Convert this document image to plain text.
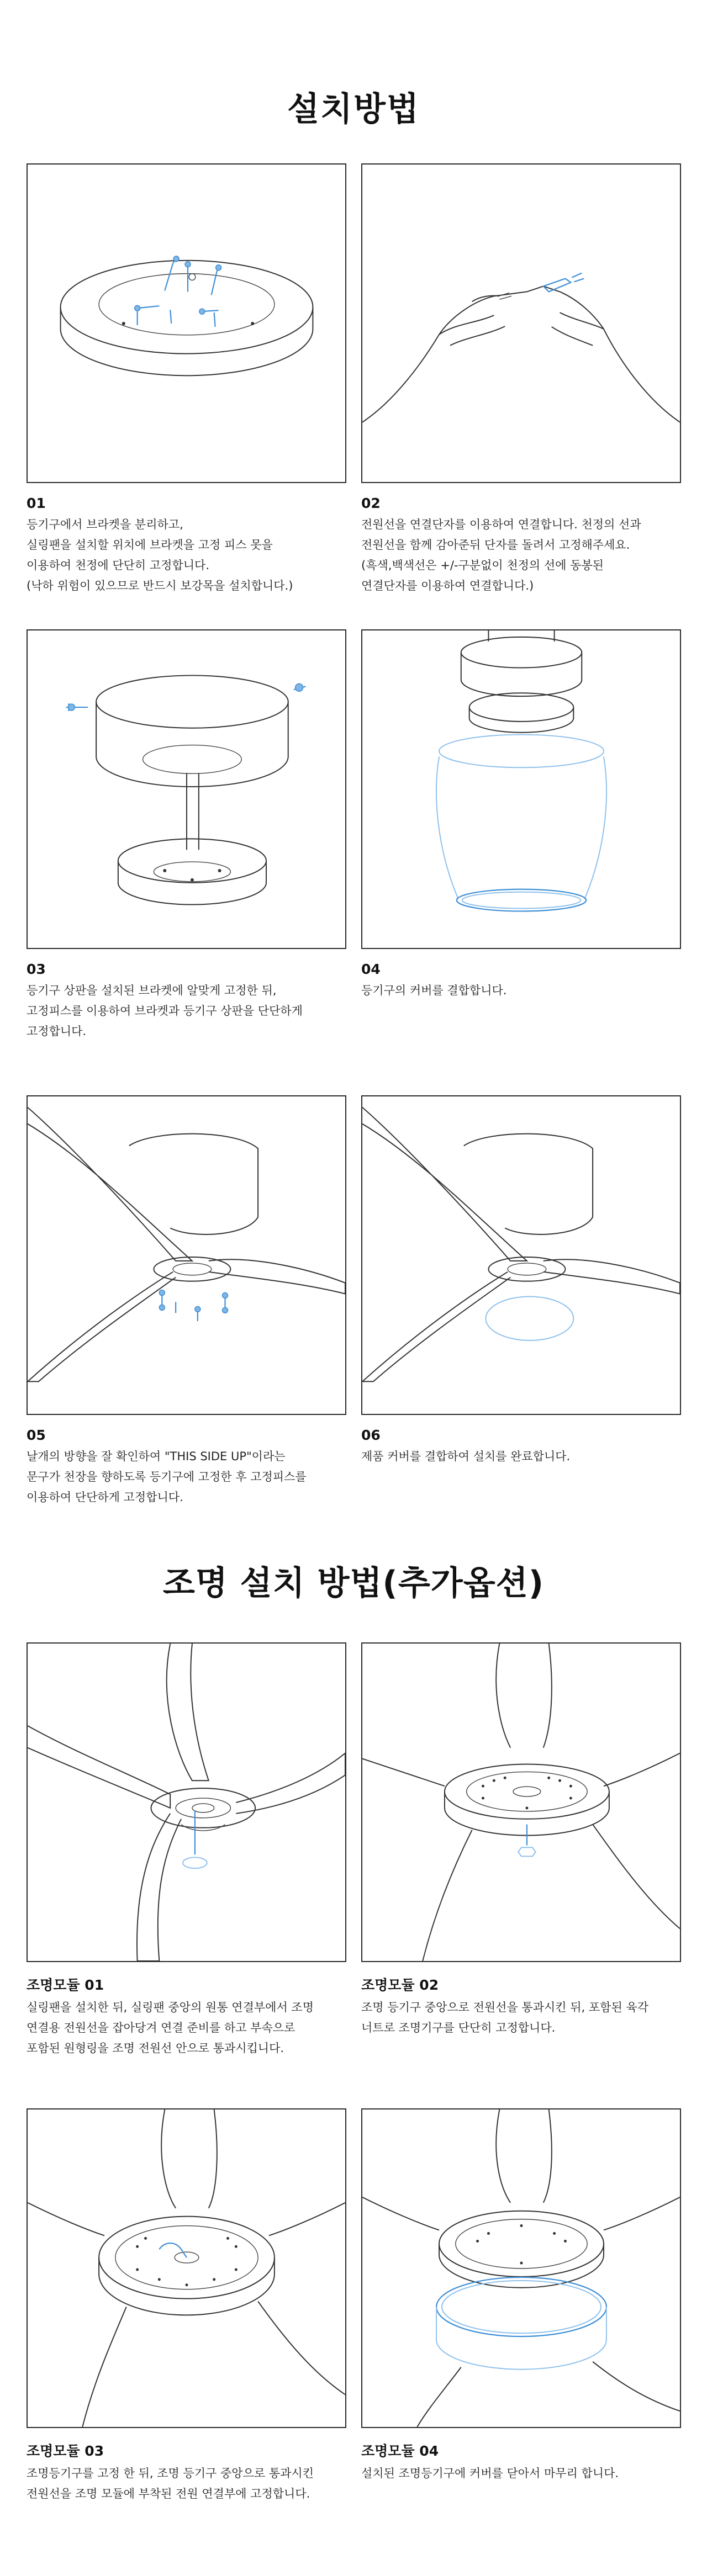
설치방법
01
등기구에서 브라켓을 분리하고,
실링팬을 설치할 위치에 브라켓을 고정 피스 못을
이용하여 천정에 단단히 고정합니다.
(낙하 위험이 있으므로 반드시 보강목을 설치합니다.)
02
전원선을 연결단자를 이용하여 연결합니다. 천정의 선과
전원선을 함께 감아준뒤 단자를 돌려서 고정해주세요.
(흑색,백색선은 +/-구분없이 천정의 선에 동봉된
연결단자를 이용하여 연결합니다.)
03
등기구 상판을 설치된 브라켓에 알맞게 고정한 뒤,
고정피스를 이용하여 브라켓과 등기구 상판을 단단하게
고정합니다.
04
등기구의 커버를 결합합니다.
05
날개의 방향을 잘 확인하여 "THIS SIDE UP"이라는
문구가 천장을 향하도록 등기구에 고정한 후 고정피스를
이용하여 단단하게 고정합니다.
06
제품 커버를 결합하여 설치를 완료합니다.
조명 설치 방법(추가옵션)
조명모듈 01
실링팬을 설치한 뒤, 실링팬 중앙의 원통 연결부에서 조명
연결용 전원선을 잡아당겨 연결 준비를 하고 부속으로
포함된 원형링을 조명 전원선 안으로 통과시킵니다.
조명모듈 02
조명 등기구 중앙으로 전원선을 통과시킨 뒤, 포함된 육각
너트로 조명기구를 단단히 고정합니다.
조명모듈 03
조명등기구를 고정 한 뒤, 조명 등기구 중앙으로 통과시킨
전원선을 조명 모듈에 부착된 전원 연결부에 고정합니다.
조명모듈 04
설치된 조명등기구에 커버를 닫아서 마무리 합니다.
